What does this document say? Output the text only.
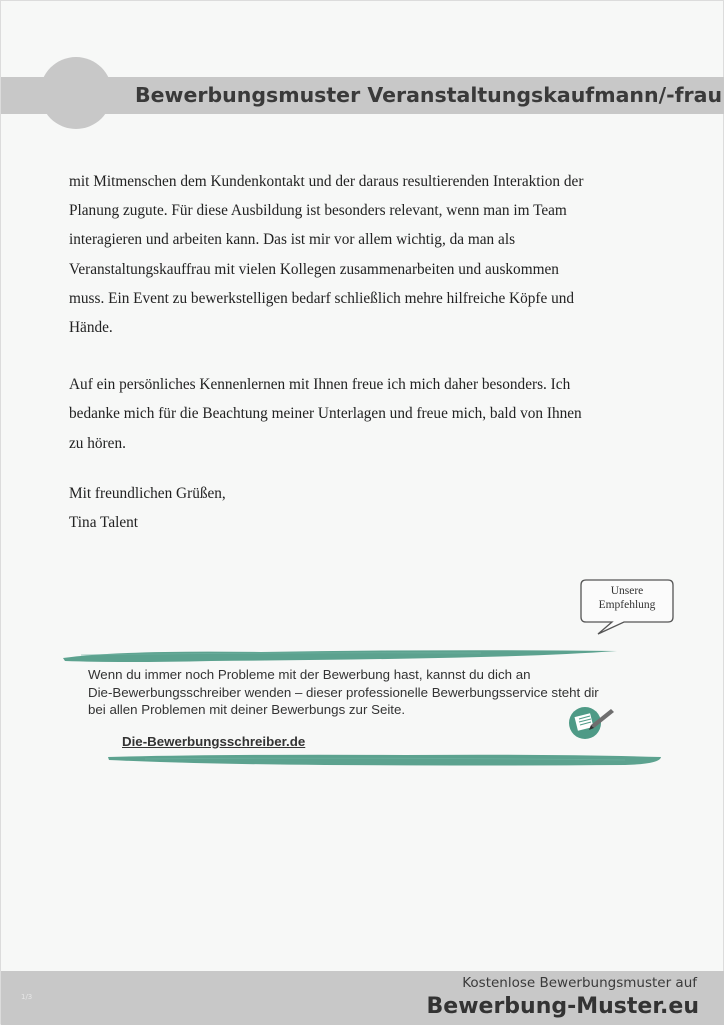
Bewerbungsmuster Veranstaltungskaufmann/-frau

mit Mitmenschen dem Kundenkontakt und der daraus resultierenden Interaktion der

Planung zugute. Für diese Ausbildung ist besonders relevant, wenn man im Team

interagieren und arbeiten kann. Das ist mir vor allem wichtig, da man als

Veranstaltungskauffrau mit vielen Kollegen zusammenarbeiten und auskommen

muss. Ein Event zu bewerkstelligen bedarf schließlich mehre hilfreiche Köpfe und

Hände.

Auf ein persönliches Kennenlernen mit Ihnen freue ich mich daher besonders. Ich

bedanke mich für die Beachtung meiner Unterlagen und freue mich, bald von Ihnen

zu hören.

Mit freundlichen Grüßen,

Tina Talent

Unsere
Empfehlung
Wenn du immer noch Probleme mit der Bewerbung hast, kannst du dich an
Die-Bewerbungsschreiber wenden – dieser professionelle Bewerbungsservice steht dir
bei allen Problemen mit deiner Bewerbungs zur Seite.
Die-Bewerbungsschreiber.de
1/3
Kostenlose Bewerbungsmuster auf
Bewerbung-Muster.eu
